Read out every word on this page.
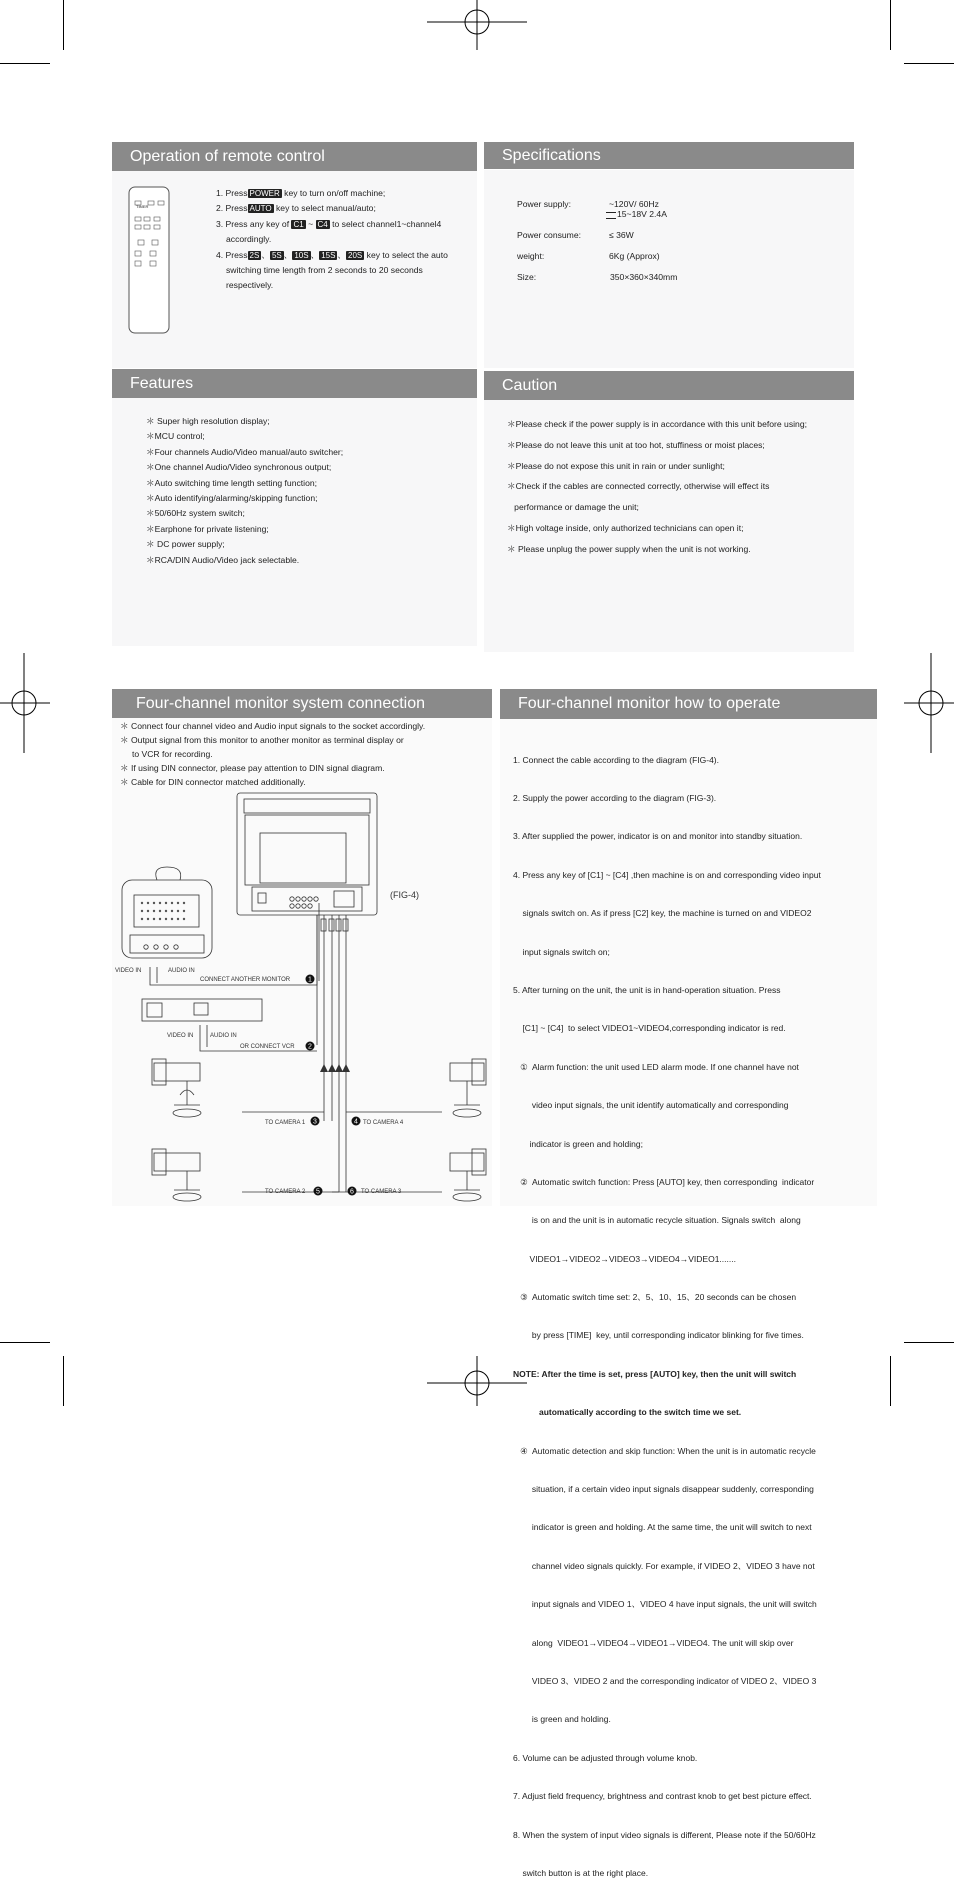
Operation of remote control
TIMER
1. Press POWER key to turn on/off machine;
2. Press AUTO key to select manual/auto;
3. Press any key of C1 ~ C4 to select channel1~channel4
accordingly.
4. Press 2S 、 5S 、 10S 、 15S 、 20S key to select the auto
switching time length from 2 seconds to 20 seconds
respectively.
Specifications
Power supply:	~120V/ 60Hz
15~18V 2.4A
Power consume:	≤ 36W
weight:	6Kg (Approx)
Size:	350×360×340mm
Features
＊ Super high resolution display;
＊MCU control;
＊Four channels Audio/Video manual/auto switcher;
＊One channel Audio/Video synchronous output;
＊Auto switching time length setting function;
＊Auto identifying/alarming/skipping function;
＊50/60Hz system switch;
＊Earphone for private listening;
＊ DC power supply;
＊RCA/DIN Audio/Video jack selectable.
Caution
＊Please check if the power supply is in accordance with this unit before using;
＊Please do not leave this unit at too hot, stuffiness or moist places;
＊Please do not expose this unit in rain or under sunlight;
＊Check if the cables are connected correctly, otherwise will effect its
performance or damage the unit;
＊High voltage inside, only authorized technicians can open it;
＊ Please unplug the power supply when the unit is not working.
Four-channel monitor system connection
＊ Connect four channel video and Audio input signals to the socket accordingly.
＊ Output signal from this monitor to another monitor as terminal display or
to VCR for recording.
＊ If using DIN connector, please pay attention to DIN signal diagram.
＊ Cable for DIN connector matched additionally.
1
2
3	4
5	6
(FIG-4)
VIDEO IN	AUDIO IN
CONNECT ANOTHER MONITOR
VIDEO IN	AUDIO IN
OR CONNECT VCR
TO CAMERA 1	TO CAMERA 4
TO CAMERA 2	TO CAMERA 3
Four-channel monitor how to operate

1. Connect the cable according to the diagram (FIG-4).

2. Supply the power according to the diagram (FIG-3).

3. After supplied the power, indicator is on and monitor into standby situation.

4. Press any key of [C1] ~ [C4] ,then machine is on and corresponding video input

signals switch on. As if press [C2] key, the machine is turned on and VIDEO2

input signals switch on;

5. After turning on the unit, the unit is in hand-operation situation. Press

[C1] ~ [C4]  to select VIDEO1~VIDEO4,corresponding indicator is red.

①  Alarm function: the unit used LED alarm mode. If one channel have not

video input signals, the unit identify automatically and corresponding

indicator is green and holding;

②  Automatic switch function: Press [AUTO] key, then corresponding  indicator

is on and the unit is in automatic recycle situation. Signals switch  along

VIDEO1→VIDEO2→VIDEO3→VIDEO4→VIDEO1.......

③  Automatic switch time set: 2、5、10、15、20 seconds can be chosen

by press [TIME]  key, until corresponding indicator blinking for five times.

NOTE: After the time is set, press [AUTO] key, then the unit will switch

automatically according to the switch time we set.

④  Automatic detection and skip function: When the unit is in automatic recycle

situation, if a certain video input signals disappear suddenly, corresponding

indicator is green and holding. At the same time, the unit will switch to next

channel video signals quickly. For example, if VIDEO 2、VIDEO 3 have not

input signals and VIDEO 1、VIDEO 4 have input signals, the unit will switch

along  VIDEO1→VIDEO4→VIDEO1→VIDEO4. The unit will skip over

VIDEO 3、VIDEO 2 and the corresponding indicator of VIDEO 2、VIDEO 3

is green and holding.

6. Volume can be adjusted through volume knob.

7. Adjust field frequency, brightness and contrast knob to get best picture effect.

8. When the system of input video signals is different, Please note if the 50/60Hz

switch button is at the right place.
